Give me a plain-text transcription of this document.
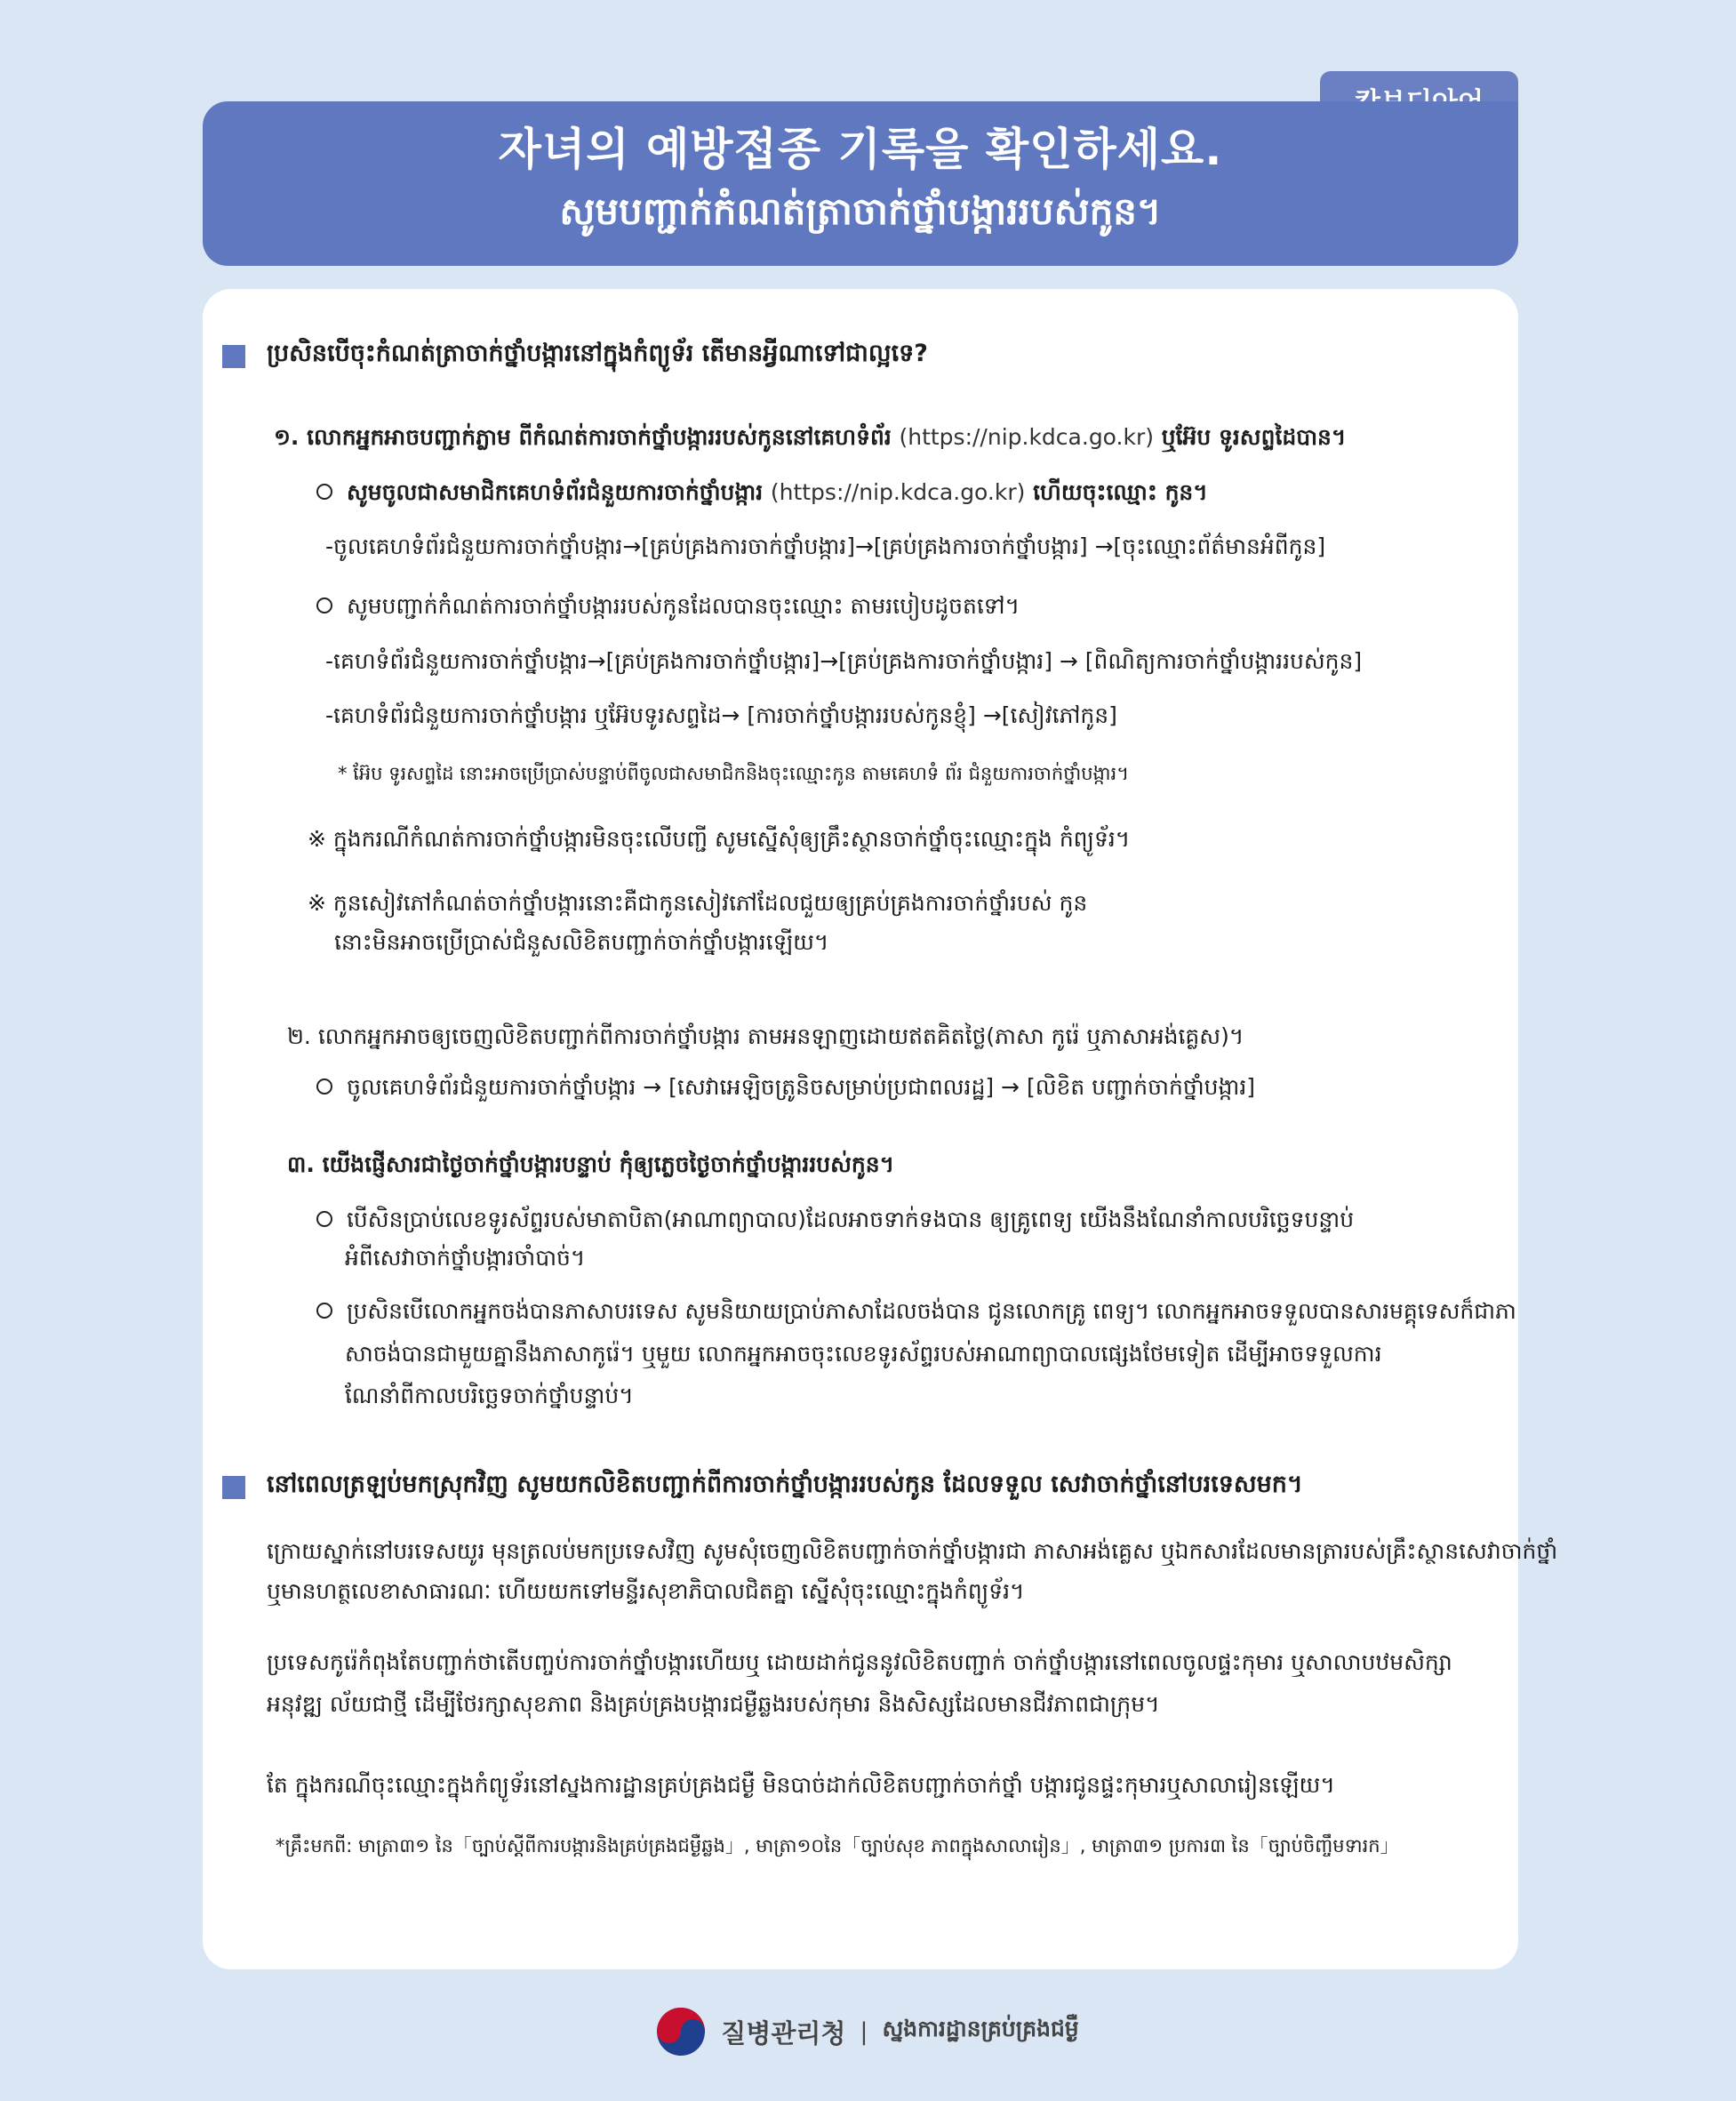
자녀의 예방접종 기록을 확인하세요.
សូមបញ្ជាក់កំណត់ត្រាចាក់ថ្នាំបង្ការរបស់កូន។
ប្រសិនបើចុះកំណត់ត្រាចាក់ថ្នាំបង្ការនៅក្នុងកំព្យូទ័រ តើមានអ្វីណាទៅជាល្អទេ?
១. លោកអ្នកអាចបញ្ជាក់ភ្លាម ពីកំណត់ការចាក់ថ្នាំបង្ការរបស់កូននៅគេហទំព័រ (https://nip.kdca.go.kr) ឬអ៊ែប ទូរសព្ទដៃបាន។
សូមចូលជាសមាជិកគេហទំព័រជំនួយការចាក់ថ្នាំបង្ការ (https://nip.kdca.go.kr) ហើយចុះឈ្មោះ កូន។
-ចូលគេហទំព័រជំនួយការចាក់ថ្នាំបង្ការ→[គ្រប់គ្រងការចាក់ថ្នាំបង្ការ]→[គ្រប់គ្រងការចាក់ថ្នាំបង្ការ] →[ចុះឈ្មោះព័ត៌មានអំពីកូន]
សូមបញ្ជាក់កំណត់ការចាក់ថ្នាំបង្ការរបស់កូនដែលបានចុះឈ្មោះ តាមរបៀបដូចតទៅ។
-គេហទំព័រជំនួយការចាក់ថ្នាំបង្ការ→[គ្រប់គ្រងការចាក់ថ្នាំបង្ការ]→[គ្រប់គ្រងការចាក់ថ្នាំបង្ការ] → [ពិណិត្យការចាក់ថ្នាំបង្ការរបស់កូន]
-គេហទំព័រជំនួយការចាក់ថ្នាំបង្ការ ឬអ៊ែបទូរសព្ទដៃ→ [ការចាក់ថ្នាំបង្ការរបស់កូនខ្ញុំ] →[សៀវភៅកូន]
* អ៊ែប ទូរសព្ទដៃ នោះអាចប្រើប្រាស់បន្ទាប់ពីចូលជាសមាជិកនិងចុះឈ្មោះកូន តាមគេហទំ ព័រ ជំនួយការចាក់ថ្នាំបង្ការ។
※ ក្នុងករណីកំណត់ការចាក់ថ្នាំបង្ការមិនចុះលើបញ្ជី សូមស្នើសុំឲ្យគ្រឹះស្ថានចាក់ថ្នាំចុះឈ្មោះក្នុង កំព្យូទ័រ។
※ កូនសៀវភៅកំណត់ចាក់ថ្នាំបង្ការនោះគឺជាកូនសៀវភៅដែលជួយឲ្យគ្រប់គ្រងការចាក់ថ្នាំរបស់ កូន
នោះមិនអាចប្រើប្រាស់ជំនួសលិខិតបញ្ជាក់ចាក់ថ្នាំបង្ការឡើយ។
២. លោកអ្នកអាចឲ្យចេញលិខិតបញ្ជាក់ពីការចាក់ថ្នាំបង្ការ តាមអនឡាញដោយឥតគិតថ្លៃ(ភាសា កូរ៉េ ឬភាសាអង់គ្លេស)។
ចូលគេហទំព័រជំនួយការចាក់ថ្នាំបង្ការ → [សេវាអេឡិចត្រូនិចសម្រាប់ប្រជាពលរដ្ឋ] → [លិខិត បញ្ជាក់ចាក់ថ្នាំបង្ការ]
៣. យើងផ្ញើសារជាថ្ងៃចាក់ថ្នាំបង្ការបន្ទាប់ កុំឲ្យភ្លេចថ្ងៃចាក់ថ្នាំបង្ការរបស់កូន។
បើសិនប្រាប់លេខទូរស័ព្ទរបស់មាតាបិតា(អាណាព្យាបាល)ដែលអាចទាក់ទងបាន ឲ្យគ្រូពេទ្យ យើងនឹងណែនាំកាលបរិច្ឆេទបន្ទាប់
អំពីសេវាចាក់ថ្នាំបង្ការចាំបាច់។
ប្រសិនបើលោកអ្នកចង់បានភាសាបរទេស សូមនិយាយប្រាប់ភាសាដែលចង់បាន ជូនលោកគ្រូ ពេទ្យ។ លោកអ្នកអាចទទួលបានសារមគ្គុទេសក៏ជាភា
សាចង់បានជាមួយគ្នានឹងភាសាកូរ៉េ។ ឬមួយ លោកអ្នកអាចចុះលេខទូរស័ព្ទរបស់អាណាព្យាបាលផ្សេងថែមទៀត ដើម្បីអាចទទួលការ
ណែនាំពីកាលបរិច្ឆេទចាក់ថ្នាំបន្ទាប់។
នៅពេលត្រឡប់មកស្រុកវិញ សូមយកលិខិតបញ្ជាក់ពីការចាក់ថ្នាំបង្ការរបស់កូន ដែលទទួល សេវាចាក់ថ្នាំនៅបរទេសមក។
ក្រោយស្នាក់នៅបរទេសយូរ មុនត្រលប់មកប្រទេសវិញ សូមសុំចេញលិខិតបញ្ជាក់ចាក់ថ្នាំបង្ការជា ភាសាអង់គ្លេស ឬឯកសារដែលមានត្រារបស់គ្រឹះស្ថានសេវាចាក់ថ្នាំ
ឬមានហត្ថលេខាសាធារណៈ ហើយយកទៅមន្ទីរសុខាភិបាលជិតគ្នា ស្នើសុំចុះឈ្មោះក្នុងកំព្យូទ័រ។
ប្រទេសកូរ៉េកំពុងតែបញ្ជាក់ថាតើបញ្ចប់ការចាក់ថ្នាំបង្ការហើយឬ ដោយដាក់ជូននូវលិខិតបញ្ជាក់ ចាក់ថ្នាំបង្ការនៅពេលចូលផ្ទះកុមារ ឬសាលាបឋមសិក្សា
អនុវឌ្ឍ ល័យជាថ្មី ដើម្បីថែរក្សាសុខភាព និងគ្រប់គ្រងបង្ការជម្ងឺឆ្លងរបស់កុមារ និងសិស្សដែលមានជីវភាពជាក្រុម។
តែ ក្នុងករណីចុះឈ្មោះក្នុងកំព្យូទ័រនៅស្នងការដ្ឋានគ្រប់គ្រងជម្ងឺ មិនបាច់ដាក់លិខិតបញ្ជាក់ចាក់ថ្នាំ បង្ការជូនផ្ទះកុមារឬសាលារៀនឡើយ។
*គ្រឹះមកពី: មាត្រា៣១ នៃ「ច្បាប់ស្តីពីការបង្ការនិងគ្រប់គ្រងជម្ងឺឆ្លង」, មាត្រា១០នៃ「ច្បាប់សុខ ភាពក្នុងសាលារៀន」, មាត្រា៣១ ប្រការ៣ នៃ「ច្បាប់ចិញ្ចឹមទារក」
질병관리청 | ស្នងការដ្ឋានគ្រប់គ្រងជម្ងឺ
